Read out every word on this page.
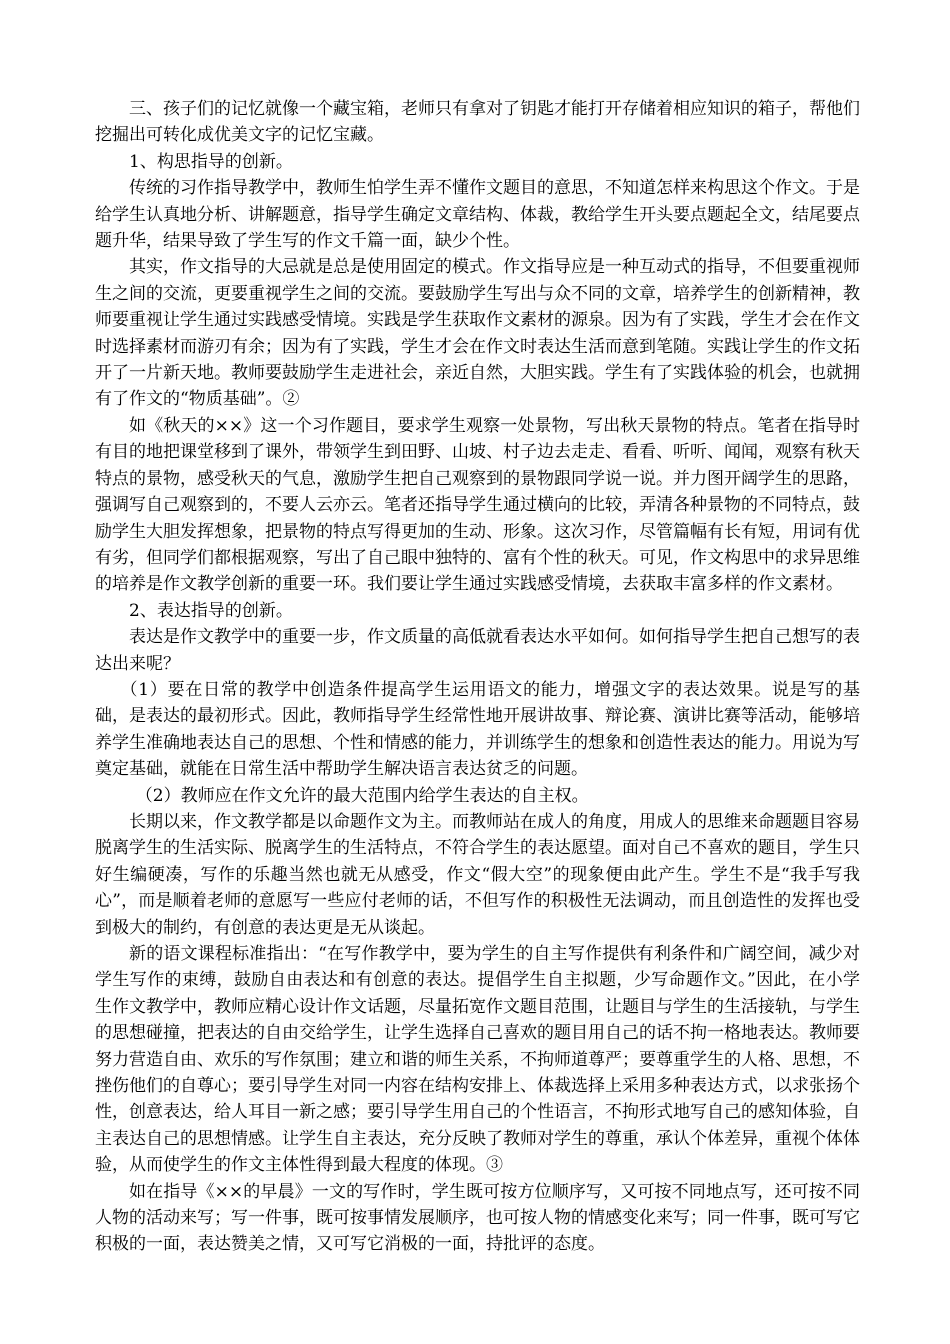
三、孩子们的记忆就像一个藏宝箱，老师只有拿对了钥匙才能打开存储着相应知识的箱子，帮他们挖掘出可转化成优美文字的记忆宝藏。

1、构思指导的创新。

传统的习作指导教学中，教师生怕学生弄不懂作文题目的意思，不知道怎样来构思这个作文。于是给学生认真地分析、讲解题意，指导学生确定文章结构、体裁，教给学生开头要点题起全文，结尾要点题升华，结果导致了学生写的作文千篇一面，缺少个性。

其实，作文指导的大忌就是总是使用固定的模式。作文指导应是一种互动式的指导，不但要重视师生之间的交流，更要重视学生之间的交流。要鼓励学生写出与众不同的文章，培养学生的创新精神，教师要重视让学生通过实践感受情境。实践是学生获取作文素材的源泉。因为有了实践，学生才会在作文时选择素材而游刃有余；因为有了实践，学生才会在作文时表达生活而意到笔随。实践让学生的作文拓开了一片新天地。教师要鼓励学生走进社会，亲近自然，大胆实践。学生有了实践体验的机会，也就拥有了作文的“物质基础”。②

如《秋天的××》这一个习作题目，要求学生观察一处景物，写出秋天景物的特点。笔者在指导时有目的地把课堂移到了课外，带领学生到田野、山坡、村子边去走走、看看、听听、闻闻，观察有秋天特点的景物，感受秋天的气息，激励学生把自己观察到的景物跟同学说一说。并力图开阔学生的思路，强调写自己观察到的，不要人云亦云。笔者还指导学生通过横向的比较，弄清各种景物的不同特点，鼓励学生大胆发挥想象，把景物的特点写得更加的生动、形象。这次习作，尽管篇幅有长有短，用词有优有劣，但同学们都根据观察，写出了自己眼中独特的、富有个性的秋天。可见，作文构思中的求异思维的培养是作文教学创新的重要一环。我们要让学生通过实践感受情境，去获取丰富多样的作文素材。

2、表达指导的创新。

表达是作文教学中的重要一步，作文质量的高低就看表达水平如何。如何指导学生把自己想写的表达出来呢？

（1）要在日常的教学中创造条件提高学生运用语文的能力，增强文字的表达效果。说是写的基础，是表达的最初形式。因此，教师指导学生经常性地开展讲故事、辩论赛、演讲比赛等活动，能够培养学生准确地表达自己的思想、个性和情感的能力，并训练学生的想象和创造性表达的能力。用说为写奠定基础，就能在日常生活中帮助学生解决语言表达贫乏的问题。

（2）教师应在作文允许的最大范围内给学生表达的自主权。

长期以来，作文教学都是以命题作文为主。而教师站在成人的角度，用成人的思维来命题题目容易脱离学生的生活实际、脱离学生的生活特点，不符合学生的表达愿望。面对自己不喜欢的题目，学生只好生编硬凑，写作的乐趣当然也就无从感受，作文“假大空”的现象便由此产生。学生不是“我手写我心”，而是顺着老师的意愿写一些应付老师的话，不但写作的积极性无法调动，而且创造性的发挥也受到极大的制约，有创意的表达更是无从谈起。

新的语文课程标准指出：“在写作教学中，要为学生的自主写作提供有利条件和广阔空间，减少对学生写作的束缚，鼓励自由表达和有创意的表达。提倡学生自主拟题，少写命题作文。”因此，在小学生作文教学中，教师应精心设计作文话题，尽量拓宽作文题目范围，让题目与学生的生活接轨，与学生的思想碰撞，把表达的自由交给学生，让学生选择自己喜欢的题目用自己的话不拘一格地表达。教师要努力营造自由、欢乐的写作氛围；建立和谐的师生关系，不拘师道尊严；要尊重学生的人格、思想，不挫伤他们的自尊心；要引导学生对同一内容在结构安排上、体裁选择上采用多种表达方式，以求张扬个性，创意表达，给人耳目一新之感；要引导学生用自己的个性语言，不拘形式地写自己的感知体验，自主表达自己的思想情感。让学生自主表达，充分反映了教师对学生的尊重，承认个体差异，重视个体体验，从而使学生的作文主体性得到最大程度的体现。③

如在指导《××的早晨》一文的写作时，学生既可按方位顺序写，又可按不同地点写，还可按不同人物的活动来写；写一件事，既可按事情发展顺序，也可按人物的情感变化来写；同一件事，既可写它积极的一面，表达赞美之情，又可写它消极的一面，持批评的态度。
